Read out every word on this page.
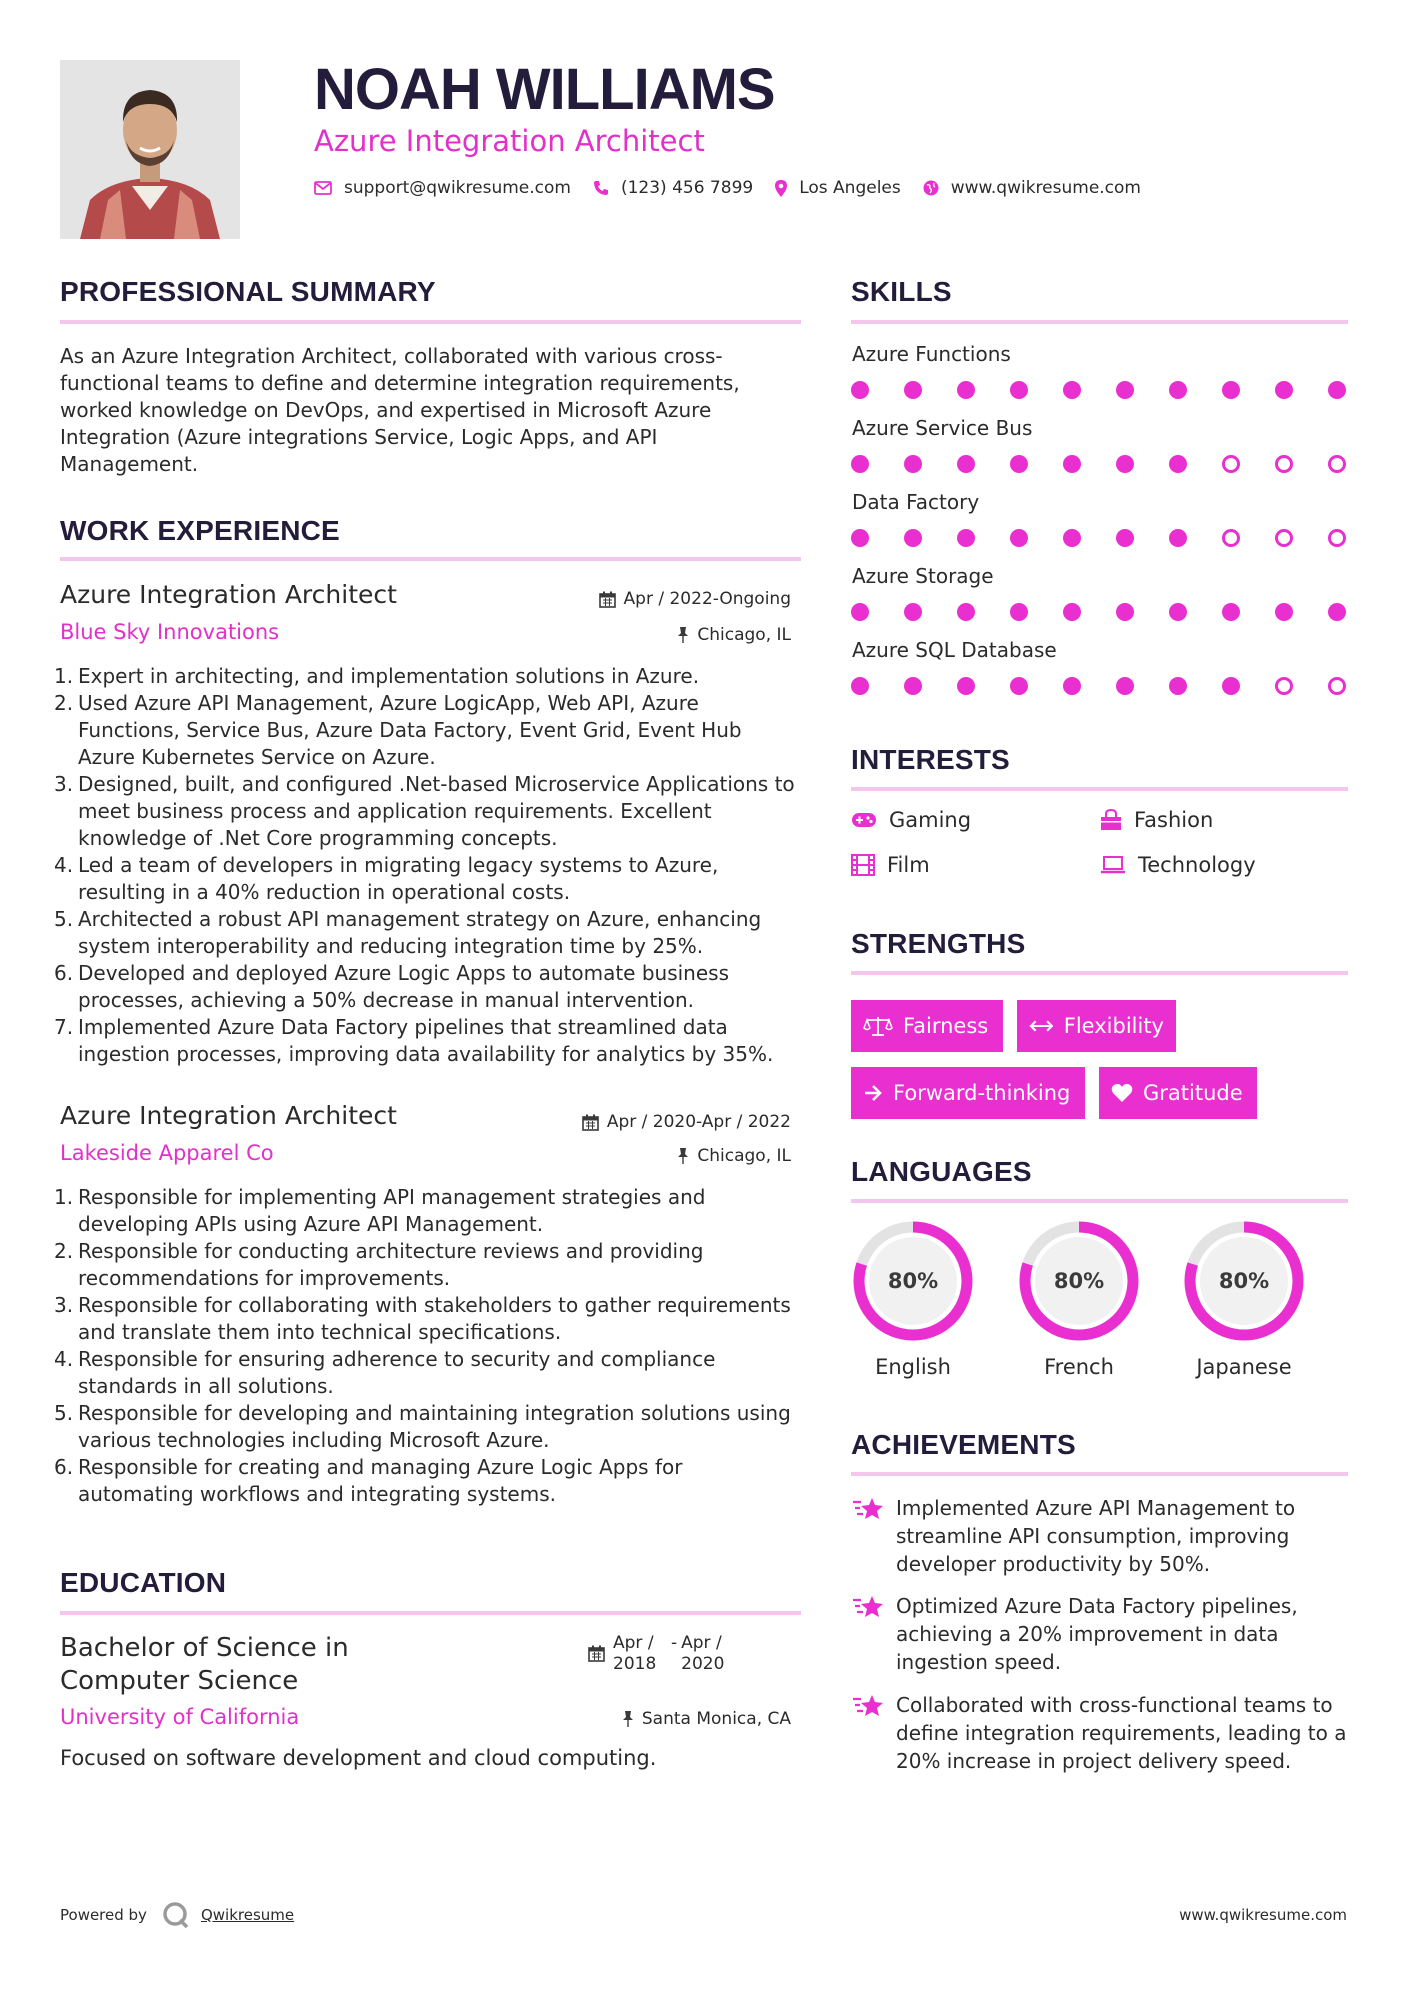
NOAH WILLIAMS
Azure Integration Architect
support@qwikresume.com	(123) 456 7899	Los Angeles	www.qwikresume.com
PROFESSIONAL SUMMARY
As an Azure Integration Architect, collaborated with various cross-functional teams to define and determine integration requirements, worked knowledge on DevOps, and expertised in Microsoft Azure Integration (Azure integrations Service, Logic Apps, and API Management.
WORK EXPERIENCE
Azure Integration Architect	Apr / 2022-Ongoing
Blue Sky Innovations	Chicago, IL
1. Expert in architecting, and implementation solutions in Azure.
2. Used Azure API Management, Azure LogicApp, Web API, Azure Functions, Service Bus, Azure Data Factory, Event Grid, Event Hub Azure Kubernetes Service on Azure.
3. Designed, built, and configured .Net-based Microservice Applications to meet business process and application requirements. Excellent knowledge of .Net Core programming concepts.
4. Led a team of developers in migrating legacy systems to Azure, resulting in a 40% reduction in operational costs.
5. Architected a robust API management strategy on Azure, enhancing system interoperability and reducing integration time by 25%.
6. Developed and deployed Azure Logic Apps to automate business processes, achieving a 50% decrease in manual intervention.
7. Implemented Azure Data Factory pipelines that streamlined data ingestion processes, improving data availability for analytics by 35%.
Azure Integration Architect	Apr / 2020-Apr / 2022
Lakeside Apparel Co	Chicago, IL
1. Responsible for implementing API management strategies and developing APIs using Azure API Management.
2. Responsible for conducting architecture reviews and providing recommendations for improvements.
3. Responsible for collaborating with stakeholders to gather requirements and translate them into technical specifications.
4. Responsible for ensuring adherence to security and compliance standards in all solutions.
5. Responsible for developing and maintaining integration solutions using various technologies including Microsoft Azure.
6. Responsible for creating and managing Azure Logic Apps for automating workflows and integrating systems.
EDUCATION
Bachelor of Science in Computer Science
Apr / 2018
- Apr / 2020
University of California	Santa Monica, CA
Focused on software development and cloud computing.
SKILLS
Azure Functions
Azure Service Bus
Data Factory
Azure Storage
Azure SQL Database
INTERESTS
Gaming	Fashion
Film	Technology
STRENGTHS
Fairness	Flexibility
Forward-thinking	Gratitude
LANGUAGES
80%
English
80%
French
80%
Japanese
ACHIEVEMENTS
Implemented Azure API Management to streamline API consumption, improving developer productivity by 50%.
Optimized Azure Data Factory pipelines, achieving a 20% improvement in data ingestion speed.
Collaborated with cross-functional teams to define integration requirements, leading to a 20% increase in project delivery speed.
Powered by	Qwikresume	www.qwikresume.com
